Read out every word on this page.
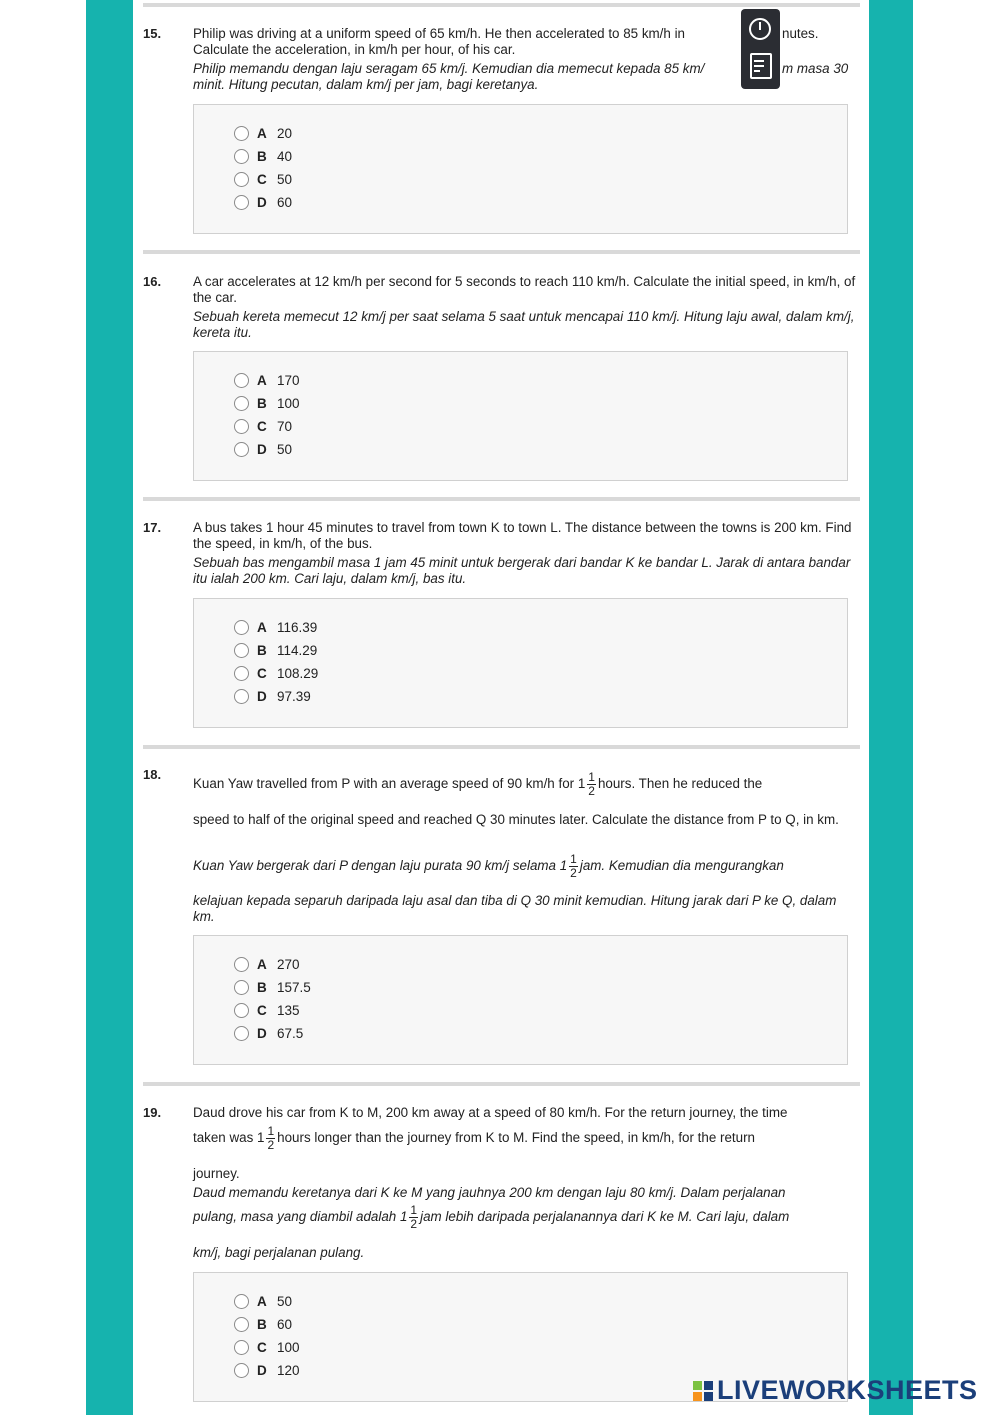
15. Philip was driving at a uniform speed of 65 km/h. He then accelerated to 85 km/h in	nutes.
Calculate the acceleration, in km/h per hour, of his car.
Philip memandu dengan laju seragam 65 km/j. Kemudian dia memecut kepada 85 km/	m masa 30
minit. Hitung pecutan, dalam km/j per jam, bagi keretanya.
A 20
B 40
C 50
D 60
16. A car accelerates at 12 km/h per second for 5 seconds to reach 110 km/h. Calculate the initial speed, in km/h, of the car.

Sebuah kereta memecut 12 km/j per saat selama 5 saat untuk mencapai 110 km/j. Hitung laju awal, dalam km/j, kereta itu.

A 170
B 100
C 70
D 50
17. A bus takes 1 hour 45 minutes to travel from town K to town L. The distance between the towns is 200 km. Find the speed, in km/h, of the bus.

Sebuah bas mengambil masa 1 jam 45 minit untuk bergerak dari bandar K ke bandar L. Jarak di antara bandar itu ialah 200 km. Cari laju, dalam km/j, bas itu.

A 116.39
B 114.29
C 108.29
D 97.39
18.
Kuan Yaw travelled from P with an average speed of 90 km/h for $1 \frac{1}{2}$ hours. Then he reduced the
speed to half of the original speed and reached Q 30 minutes later. Calculate the distance from P to Q, in km.
Kuan Yaw bergerak dari P dengan laju purata 90 km/j selama $1 \frac{1}{2}$ jam. Kemudian dia mengurangkan
kelajuan kepada separuh daripada laju asal dan tiba di Q 30 minit kemudian. Hitung jarak dari P ke Q, dalam km.
A 270
B 157.5
C 135
D 67.5
19. Daud drove his car from K to M, 200 km away at a speed of 80 km/h. For the return journey, the time
taken was $1 \frac{1}{2}$ hours longer than the journey from K to M. Find the speed, in km/h, for the return
journey.
Daud memandu keretanya dari K ke M yang jauhnya 200 km dengan laju 80 km/j. Dalam perjalanan
pulang, masa yang diambil adalah $1 \frac{1}{2}$ jam lebih daripada perjalanannya dari K ke M. Cari laju, dalam
km/j, bagi perjalanan pulang.
A 50
B 60
C 100
D 120
LIVEWORKSHEETS
